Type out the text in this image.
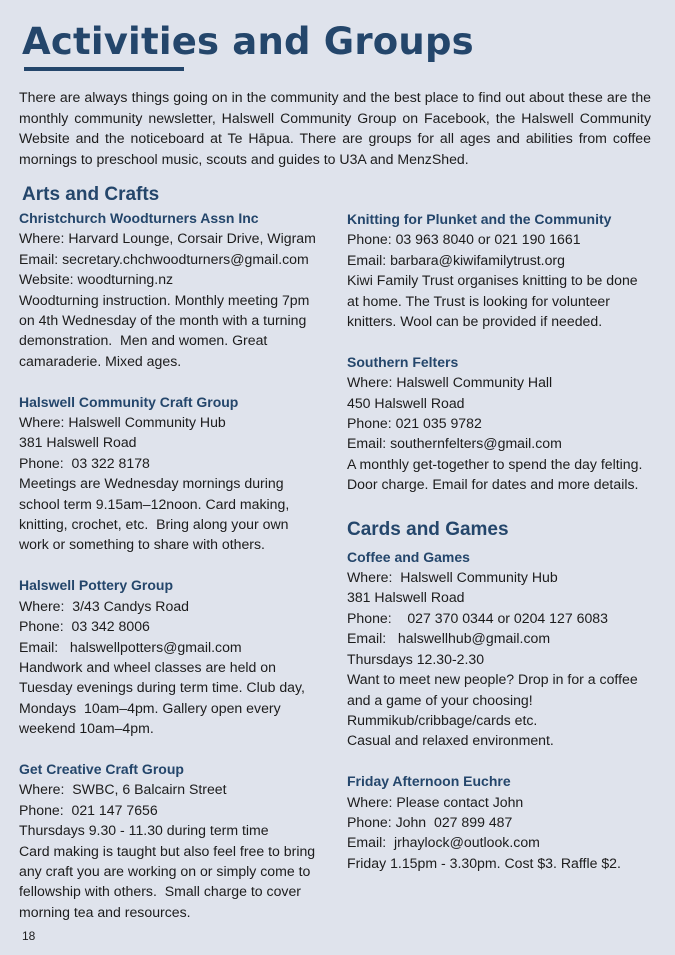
Activities and Groups

There are always things going on in the community and the best place to find out about these are the monthly community newsletter, Halswell Community Group on Facebook, the Halswell Community Website and the noticeboard at Te Hāpua. There are groups for all ages and abilities from coffee mornings to preschool music, scouts and guides to U3A and MenzShed.

Arts and Crafts

Christchurch Woodturners Assn Inc

Where: Harvard Lounge, Corsair Drive, Wigram

Email: secretary.chchwoodturners@gmail.com

Website: woodturning.nz

Woodturning instruction. Monthly meeting 7pm

on 4th Wednesday of the month with a turning

demonstration.  Men and women. Great

camaraderie. Mixed ages.

Halswell Community Craft Group

Where: Halswell Community Hub

381 Halswell Road

Phone:  03 322 8178

Meetings are Wednesday mornings during

school term 9.15am–12noon. Card making,

knitting, crochet, etc.  Bring along your own

work or something to share with others.

Halswell Pottery Group

Where:  3/43 Candys Road

Phone:  03 342 8006

Email:   halswellpotters@gmail.com

Handwork and wheel classes are held on

Tuesday evenings during term time. Club day,

Mondays  10am–4pm. Gallery open every

weekend 10am–4pm.

Get Creative Craft Group

Where:  SWBC, 6 Balcairn Street

Phone:  021 147 7656

Thursdays 9.30 - 11.30 during term time

Card making is taught but also feel free to bring

any craft you are working on or simply come to

fellowship with others.  Small charge to cover

morning tea and resources.

Knitting for Plunket and the Community

Phone: 03 963 8040 or 021 190 1661

Email: barbara@kiwifamilytrust.org

Kiwi Family Trust organises knitting to be done

at home. The Trust is looking for volunteer

knitters. Wool can be provided if needed.

Southern Felters

Where: Halswell Community Hall

450 Halswell Road

Phone: 021 035 9782

Email: southernfelters@gmail.com

A monthly get-together to spend the day felting.

Door charge. Email for dates and more details.

Cards and Games

Coffee and Games

Where:  Halswell Community Hub

381 Halswell Road

Phone:    027 370 0344 or 0204 127 6083

Email:   halswellhub@gmail.com

Thursdays 12.30-2.30

Want to meet new people? Drop in for a coffee

and a game of your choosing!

Rummikub/cribbage/cards etc.

Casual and relaxed environment.

Friday Afternoon Euchre

Where: Please contact John

Phone: John  027 899 487

Email:  jrhaylock@outlook.com

Friday 1.15pm - 3.30pm. Cost $3. Raffle $2.

18
